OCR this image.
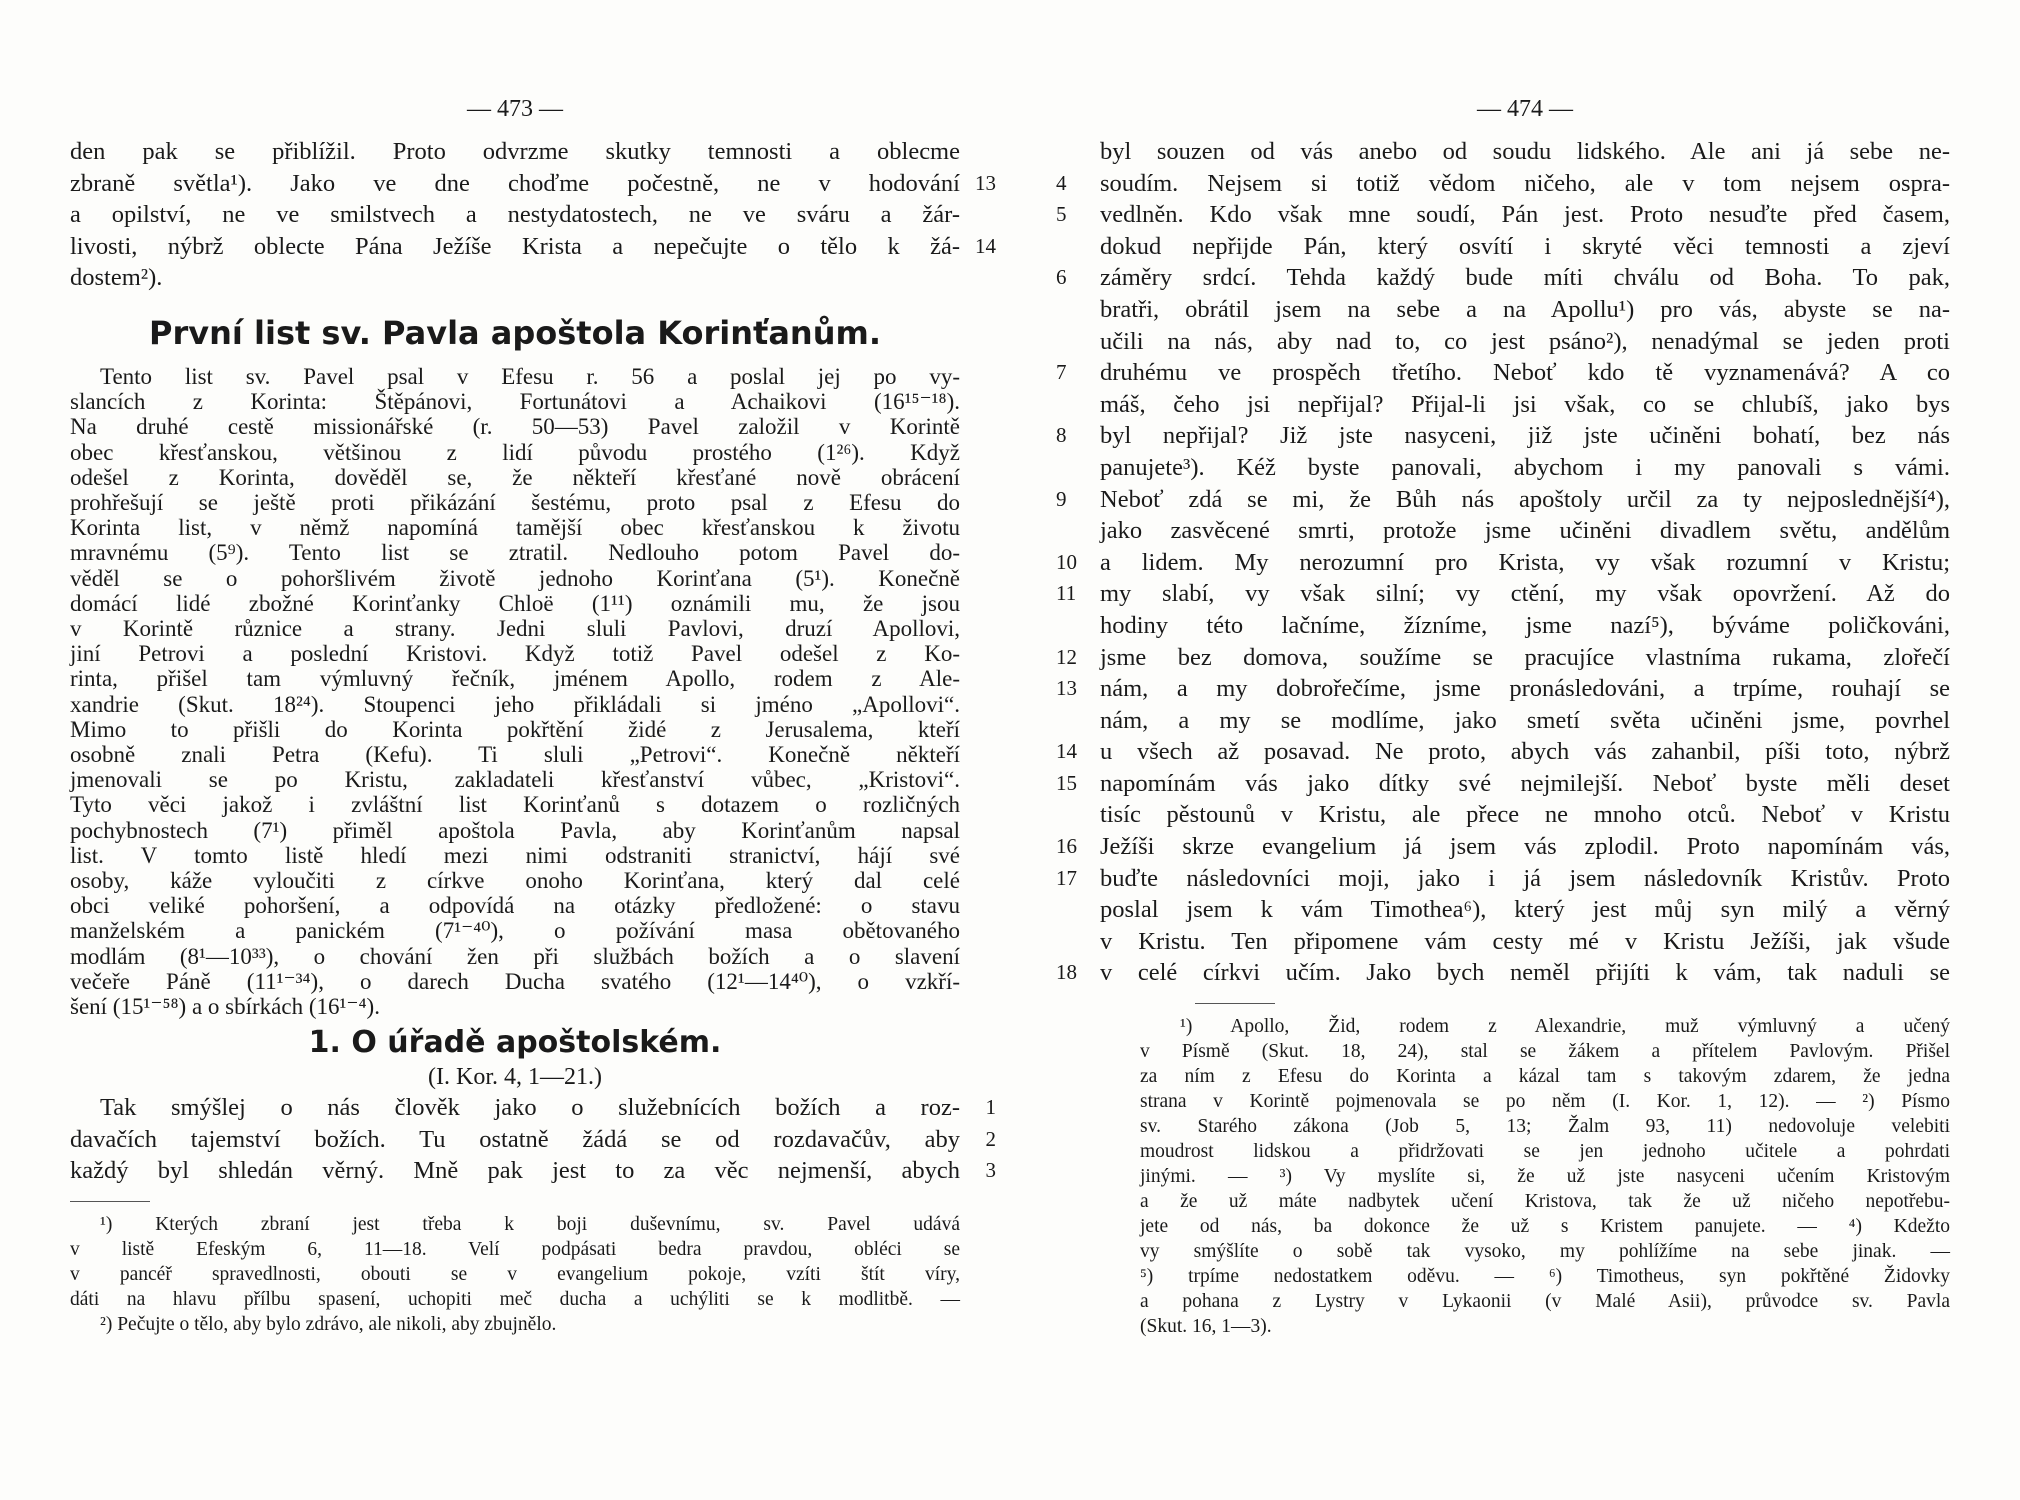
— 473 —
den pak se přiblížil. Proto odvrzme skutky temnosti a oblecme
zbraně světla¹). Jako ve dne choďme počestně, ne v hodování 13
a opilství, ne ve smilstvech a nestydatostech, ne ve sváru a žár-
livosti, nýbrž oblecte Pána Ježíše Krista a nepečujte o tělo k žá- 14
dostem²).
První list sv. Pavla apoštola Korinťanům.
Tento list sv. Pavel psal v Efesu r. 56 a poslal jej po vy-
slancích z Korinta: Štěpánovi, Fortunátovi a Achaikovi (16¹⁵⁻¹⁸).
Na druhé cestě missionářské (r. 50—53) Pavel založil v Korintě
obec křesťanskou, většinou z lidí původu prostého (1²⁶). Když
odešel z Korinta, dověděl se, že někteří křesťané nově obrácení
prohřešují se ještě proti přikázání šestému, proto psal z Efesu do
Korinta list, v němž napomíná tamější obec křesťanskou k životu
mravnému (5⁹). Tento list se ztratil. Nedlouho potom Pavel do-
věděl se o pohoršlivém životě jednoho Korinťana (5¹). Konečně
domácí lidé zbožné Korinťanky Chloë (1¹¹) oznámili mu, že jsou
v Korintě různice a strany. Jedni sluli Pavlovi, druzí Apollovi,
jiní Petrovi a poslední Kristovi. Když totiž Pavel odešel z Ko-
rinta, přišel tam výmluvný řečník, jménem Apollo, rodem z Ale-
xandrie (Skut. 18²⁴). Stoupenci jeho přikládali si jméno „Apollovi“.
Mimo to přišli do Korinta pokřtění židé z Jerusalema, kteří
osobně znali Petra (Kefu). Ti sluli „Petrovi“. Konečně někteří
jmenovali se po Kristu, zakladateli křesťanství vůbec, „Kristovi“.
Tyto věci jakož i zvláštní list Korinťanů s dotazem o rozličných
pochybnostech (7¹) přiměl apoštola Pavla, aby Korinťanům napsal
list. V tomto listě hledí mezi nimi odstraniti stranictví, hájí své
osoby, káže vyloučiti z církve onoho Korinťana, který dal celé
obci veliké pohoršení, a odpovídá na otázky předložené: o stavu
manželském a panickém (7¹⁻⁴⁰), o požívání masa obětovaného
modlám (8¹—10³³), o chování žen při službách božích a o slavení
večeře Páně (11¹⁻³⁴), o darech Ducha svatého (12¹—14⁴⁰), o vzkří-
šení (15¹⁻⁵⁸) a o sbírkách (16¹⁻⁴).
1. O úřadě apoštolském.
(I. Kor. 4, 1—21.)
Tak smýšlej o nás člověk jako o služebnících božích a roz- 1
davačích tajemství božích. Tu ostatně žádá se od rozdavačův, aby 2
každý byl shledán věrný. Mně pak jest to za věc nejmenší, abych 3
¹) Kterých zbraní jest třeba k boji duševnímu, sv. Pavel udává
v listě Efeským 6, 11—18. Velí podpásati bedra pravdou, obléci se
v pancéř spravedlnosti, obouti se v evangelium pokoje, vzíti štít víry,
dáti na hlavu přílbu spasení, uchopiti meč ducha a uchýliti se k modlitbě. —
²) Pečujte o tělo, aby bylo zdrávo, ale nikoli, aby zbujnělo.
— 474 —
byl souzen od vás anebo od soudu lidského. Ale ani já sebe ne-
soudím. Nejsem si totiž vědom ničeho, ale v tom nejsem ospra-
4
vedlněn. Kdo však mne soudí, Pán jest. Proto nesuďte před časem,
5
dokud nepřijde Pán, který osvítí i skryté věci temnosti a zjeví
záměry srdcí. Tehda každý bude míti chválu od Boha. To pak,
6
bratři, obrátil jsem na sebe a na Apollu¹) pro vás, abyste se na-
učili na nás, aby nad to, co jest psáno²), nenadýmal se jeden proti
druhému ve prospěch třetího. Neboť kdo tě vyznamenává? A co
7
máš, čeho jsi nepřijal? Přijal-li jsi však, co se chlubíš, jako bys
byl nepřijal? Již jste nasyceni, již jste učiněni bohatí, bez nás
8
panujete³). Kéž byste panovali, abychom i my panovali s vámi.
Neboť zdá se mi, že Bůh nás apoštoly určil za ty nejposlednější⁴),
9
jako zasvěcené smrti, protože jsme učiněni divadlem světu, andělům
a lidem. My nerozumní pro Krista, vy však rozumní v Kristu;
10
my slabí, vy však silní; vy ctění, my však opovržení. Až do
11
hodiny této lačníme, žízníme, jsme nazí⁵), býváme poličkováni,
jsme bez domova, soužíme se pracujíce vlastníma rukama, zlořečí
12
nám, a my dobrořečíme, jsme pronásledováni, a trpíme, rouhají se
13
nám, a my se modlíme, jako smetí světa učiněni jsme, povrhel
u všech až posavad. Ne proto, abych vás zahanbil, píši toto, nýbrž
14
napomínám vás jako dítky své nejmilejší. Neboť byste měli deset
15
tisíc pěstounů v Kristu, ale přece ne mnoho otců. Neboť v Kristu
Ježíši skrze evangelium já jsem vás zplodil. Proto napomínám vás,
16
buďte následovníci moji, jako i já jsem následovník Kristův. Proto
17
poslal jsem k vám Timothea⁶), který jest můj syn milý a věrný
v Kristu. Ten připomene vám cesty mé v Kristu Ježíši, jak všude
v celé církvi učím. Jako bych neměl přijíti k vám, tak naduli se
18
¹) Apollo, Žid, rodem z Alexandrie, muž výmluvný a učený
v Písmě (Skut. 18, 24), stal se žákem a přítelem Pavlovým. Přišel
za ním z Efesu do Korinta a kázal tam s takovým zdarem, že jedna
strana v Korintě pojmenovala se po něm (I. Kor. 1, 12). — ²) Písmo
sv. Starého zákona (Job 5, 13; Žalm 93, 11) nedovoluje velebiti
moudrost lidskou a přidržovati se jen jednoho učitele a pohrdati
jinými. — ³) Vy myslíte si, že už jste nasyceni učením Kristovým
a že už máte nadbytek učení Kristova, tak že už ničeho nepotřebu-
jete od nás, ba dokonce že už s Kristem panujete. — ⁴) Kdežto
vy smýšlíte o sobě tak vysoko, my pohlížíme na sebe jinak. —
⁵) trpíme nedostatkem oděvu. — ⁶) Timotheus, syn pokřtěné Židovky
a pohana z Lystry v Lykaonii (v Malé Asii), průvodce sv. Pavla
(Skut. 16, 1—3).
